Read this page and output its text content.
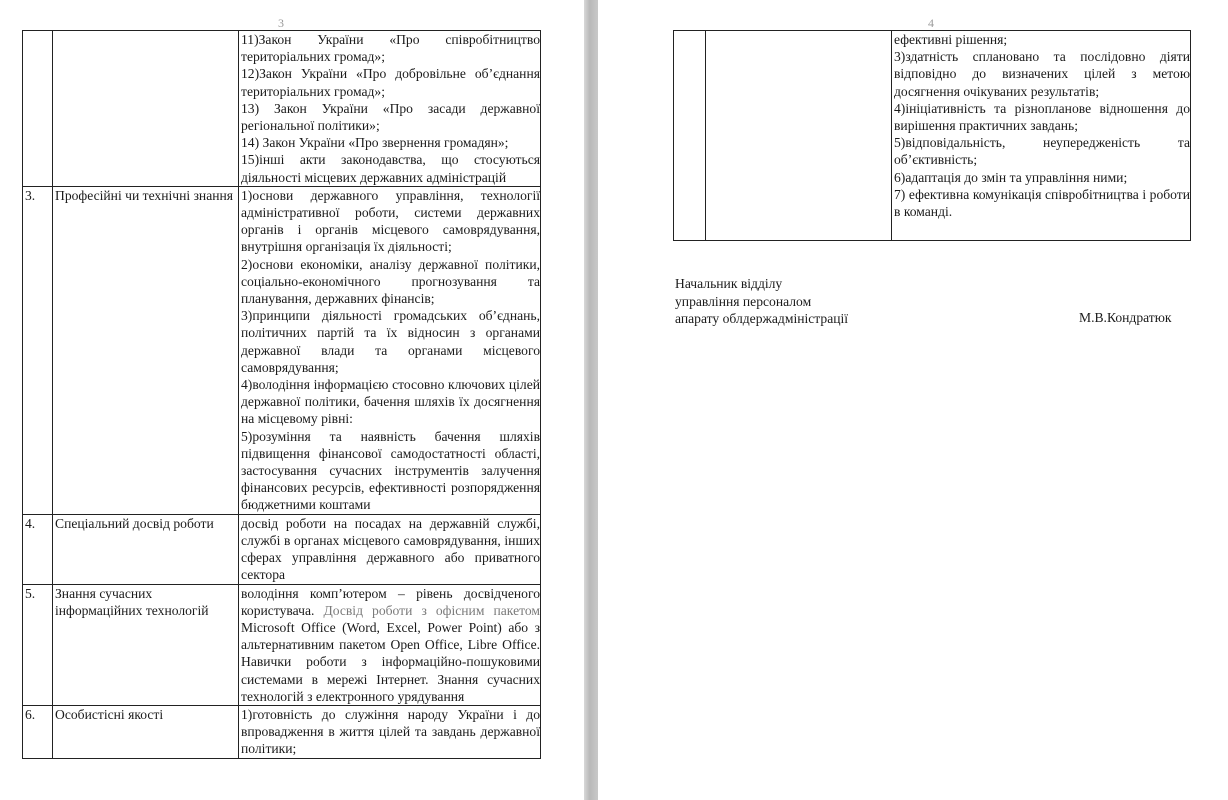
3

		11)Закон України «Про співробітництво територіальних громад»;
12)Закон України «Про добровільне об’єднання територіальних громад»;
13) Закон України «Про засади державної регіональної політики»;
14) Закон України «Про звернення громадян»;
15)інші акти законодавства, що стосуються діяльності місцевих державних адміністрацій

3.	Професійні чи технічні знання	1)основи державного управління, технології адміністративної роботи, системи державних органів і органів місцевого самоврядування, внутрішня організація їх діяльності;
2)основи економіки, аналізу державної політики, соціально-економічного прогнозування та планування, державних фінансів;
3)принципи діяльності громадських об’єднань, політичних партій та їх відносин з органами державної влади та органами місцевого самоврядування;
4)володіння інформацією стосовно ключових цілей державної політики, бачення шляхів їх досягнення на місцевому рівні:
5)розуміння та наявність бачення шляхів підвищення фінансової самодостатності області, застосування сучасних інструментів залучення фінансових ресурсів, ефективності розпорядження бюджетними коштами

4.	Спеціальний досвід роботи	досвід роботи на посадах на державній службі, службі в органах місцевого самоврядування, інших сферах управління державного або приватного сектора

5.	Знання сучасних інформаційних технологій	володіння комп’ютером – рівень досвідченого користувача. Досвід роботи з офісним пакетом Microsoft Office (Word, Excel, Power Point) або з альтернативним пакетом Open Office, Libre Office. Навички роботи з інформаційно-пошуковими системами в мережі Інтернет. Знання сучасних технологій з електронного урядування

6.	Особистісні якості	1)готовність до служіння народу України і до впровадження в життя цілей та завдань державної політики;
4

ефективні рішення;
3)здатність сплановано та послідовно діяти відповідно до визначених цілей з метою досягнення очікуваних результатів;
4)ініціативність та різнопланове відношення до вирішення практичних завдань;
5)відповідальність, неупередженість та об’єктивність;
6)адаптація до змін та управління ними;
7) ефективна комунікація співробітництва і роботи в команді.
Начальник відділу
управління персоналом
апарату облдержадміністрації	М.В.Кондратюк
